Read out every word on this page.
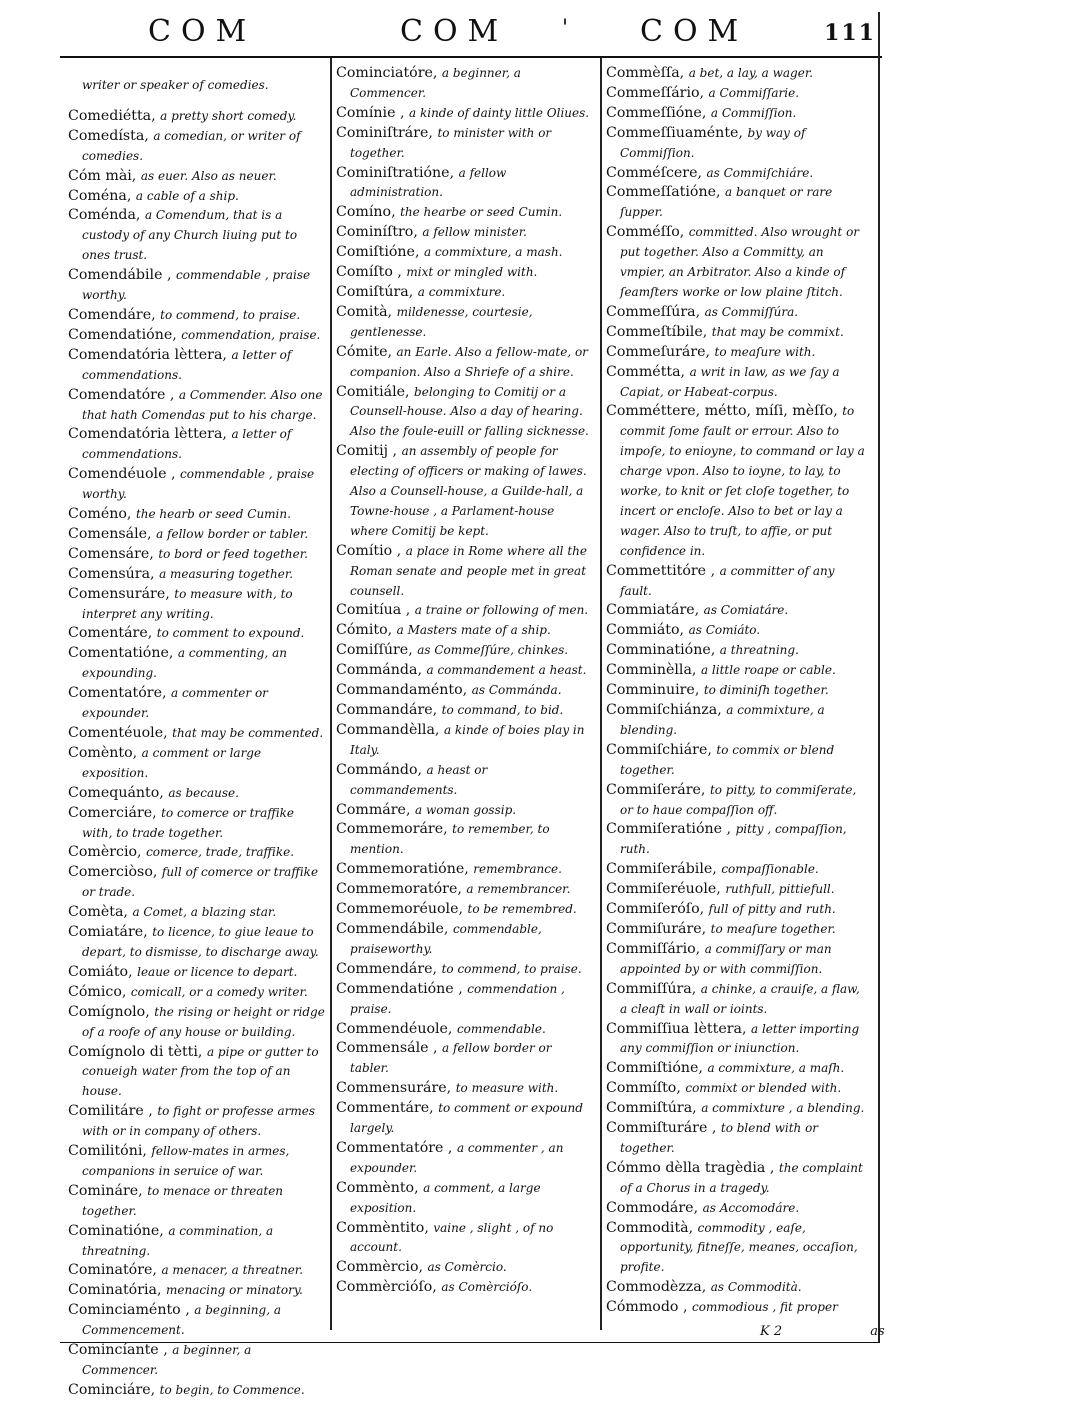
COM	COM ' COM	111

writer or speaker of comedies.

Comediétta, a pretty short comedy.

Comedísta, a comedian, or writer of comedies.

Cóm mài, as euer. Also as neuer.

Coména, a cable of a ship.

Coménda, a Comendum, that is a custody of any Church liuing put to ones trust.

Comendábile , commendable , praise worthy.

Comendáre, to commend, to praise.

Comendatióne, commendation, praise.

Comendatória lèttera, a letter of commendations.

Comendatóre , a Commender. Also one that hath Comendas put to his charge.

Comendatória lèttera, a letter of commendations.

Comendéuole , commendable , praise worthy.

Coméno, the hearb or seed Cumin.

Comensále, a fellow border or tabler.

Comensáre, to bord or feed together.

Comensúra, a measuring together.

Comensuráre, to measure with, to interpret any writing.

Comentáre, to comment to expound.

Comentatióne, a commenting, an expounding.

Comentatóre, a commenter or expounder.

Comentéuole, that may be commented.

Comènto, a comment or large exposition.

Comequánto, as because.

Comerciáre, to comerce or traffike with, to trade together.

Comèrcio, comerce, trade, traffike.

Comerciòso, full of comerce or traffike or trade.

Comèta, a Comet, a blazing star.

Comiatáre, to licence, to giue leaue to depart, to dismisse, to discharge away.

Comiáto, leaue or licence to depart.

Cómico, comicall, or a comedy writer.

Comígnolo, the rising or height or ridge of a roofe of any house or building.

Comígnolo di tètti, a pipe or gutter to conueigh water from the top of an house.

Comilitáre , to fight or professe armes with or in company of others.

Comilitóni, fellow-mates in armes, companions in seruice of war.

Comináre, to menace or threaten together.

Cominatióne, a commination, a threatning.

Cominatóre, a menacer, a threatner.

Cominatória, menacing or minatory.

Cominciaménto , a beginning, a Commencement.

Comincíante , a beginner, a Commencer.

Cominciáre, to begin, to Commence.

Cominciatóre, a beginner, a Commencer.

Comínie , a kinde of dainty little Oliues.

Cominiſtráre, to minister with or together.

Cominiſtratióne, a fellow administration.

Comíno, the hearbe or seed Cumin.

Cominíſtro, a fellow minister.

Comiſtióne, a commixture, a mash.

Comíſto , mixt or mingled with.

Comiſtúra, a commixture.

Comità, mildenesse, courtesie, gentlenesse.

Cómite, an Earle. Also a fellow-mate, or companion. Also a Shriefe of a shire.

Comitiále, belonging to Comitij or a Counsell-house. Also a day of hearing. Also the foule-euill or falling sicknesse.

Comitij , an assembly of people for electing of officers or making of lawes. Also a Counsell-house, a Guilde-hall, a Towne-house , a Parlament-house where Comitij be kept.

Comítio , a place in Rome where all the Roman senate and people met in great counsell.

Comitíua , a traine or following of men.

Cómito, a Masters mate of a ship.

Comiſſúre, as Commeſſúre, chinkes.

Commánda, a commandement a heast.

Commandaménto, as Commánda.

Commandáre, to command, to bid.

Commandèlla, a kinde of boies play in Italy.

Commándo, a heast or commandements.

Commáre, a woman gossip.

Commemoráre, to remember, to mention.

Commemoratióne, remembrance.

Commemoratóre, a remembrancer.

Commemoréuole, to be remembred.

Commendábile, commendable, praiseworthy.

Commendáre, to commend, to praise.

Commendatióne , commendation , praise.

Commendéuole, commendable.

Commensále , a fellow border or tabler.

Commensuráre, to measure with.

Commentáre, to comment or expound largely.

Commentatóre , a commenter , an expounder.

Commènto, a comment, a large exposition.

Commèntito, vaine , slight , of no account.

Commèrcio, as Comèrcio.

Commèrcióſo, as Comèrcióſo.

Commèſſa, a bet, a lay, a wager.

Commeſſário, a Commiſſarie.

Commeſſióne, a Commiſſion.

Commeſſiuaménte, by way of Commiſſion.

Comméſcere, as Commiſchiáre.

Commeſſatióne, a banquet or rare ſupper.

Comméſſo, committed. Also wrought or put together. Also a Committy, an vmpier, an Arbitrator. Also a kinde of ſeamſters worke or low plaine ſtitch.

Commeſſúra, as Commiſſúra.

Commeſtíbile, that may be commixt.

Commeſuráre, to meaſure with.

Comméttа, a writ in law, as we ſay a Capiat, or Habeat-corpus.

Comméttere, métto, míſi, mèſſo, to commit ſome fault or errour. Also to impoſe, to enioyne, to command or lay a charge vpon. Also to ioyne, to lay, to worke, to knit or ſet cloſe together, to incert or encloſe. Also to bet or lay a wager. Also to truſt, to affie, or put confidence in.

Commettitóre , a committer of any fault.

Commiatáre, as Comiatáre.

Commiáto, as Comiáto.

Comminatióne, a threatning.

Comminèlla, a little roape or cable.

Comminuire, to diminiſh together.

Commiſchiánza, a commixture, a blending.

Commiſchiáre, to commix or blend together.

Commiſeráre, to pitty, to commiſerate, or to haue compaſſion off.

Commiſeratióne , pitty , compaſſion, ruth.

Commiſerábile, compaſſionable.

Commiſeréuole, ruthfull, pittiefull.

Commiſeróſo, full of pitty and ruth.

Commiſuráre, to meaſure together.

Commiſſário, a commiſſary or man appointed by or with commiſſion.

Commiſſúra, a chinke, a crauiſe, a flaw, a cleaft in wall or ioints.

Commiſſiua lèttera, a letter importing any commiſſion or iniunction.

Commiſtióne, a commixture, a maſh.

Commíſto, commixt or blended with.

Commiſtúra, a commixture , a blending.

Commiſturáre , to blend with or together.

Cómmo dèlla tragèdia , the complaint of a Chorus in a tragedy.

Commodáre, as Accomodáre.

Commodità, commodity , eaſe, opportunity, fitneſſe, meanes, occaſion, profite.

Commodèzza, as Commodità.

Cómmodo , commodious , fit proper

K 2	as
